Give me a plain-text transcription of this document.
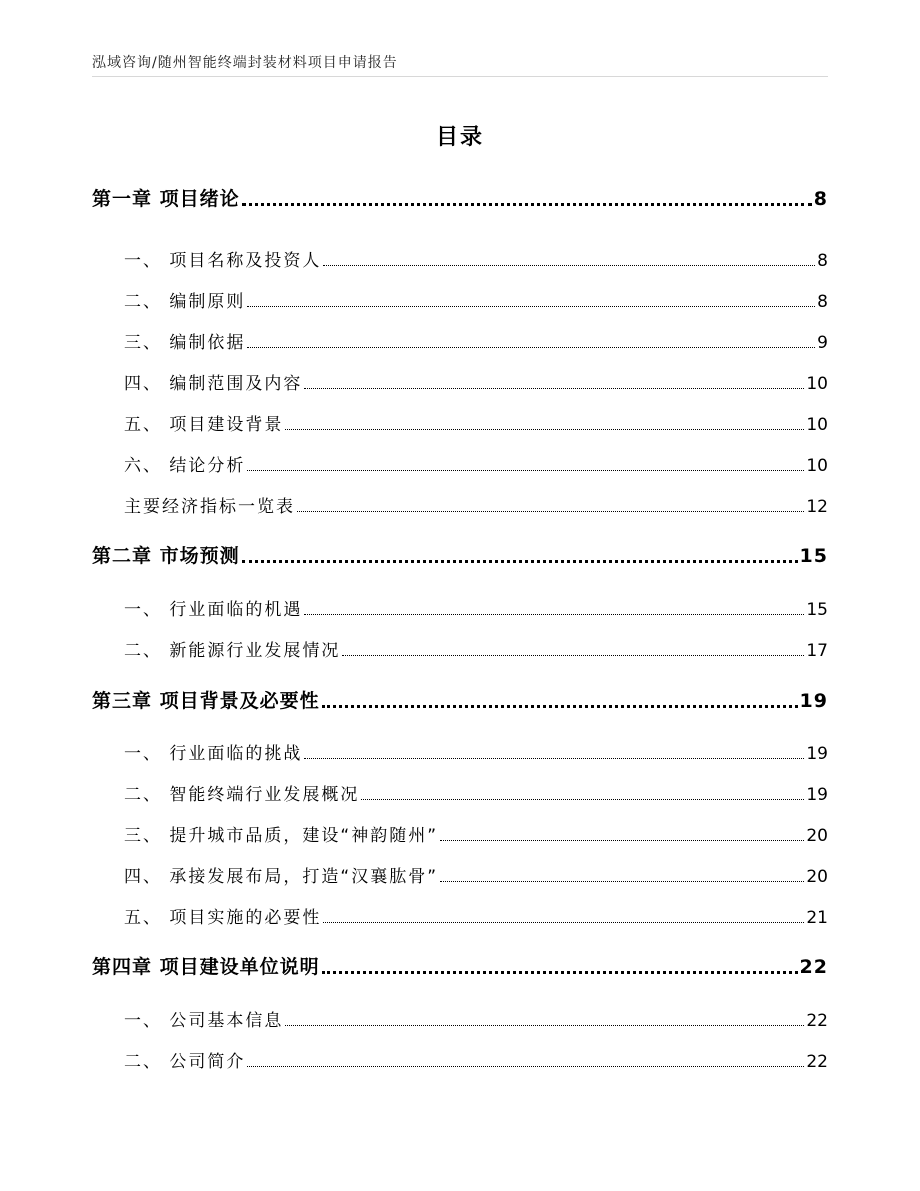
泓域咨询/随州智能终端封装材料项目申请报告
目录
第一章 项目绪论	8
一、 项目名称及投资人	8
二、 编制原则	8
三、 编制依据	9
四、 编制范围及内容	10
五、 项目建设背景	10
六、 结论分析	10
主要经济指标一览表	12
第二章 市场预测	15
一、 行业面临的机遇	15
二、 新能源行业发展情况	17
第三章 项目背景及必要性	19
一、 行业面临的挑战	19
二、 智能终端行业发展概况	19
三、 提升城市品质，建设“神韵随州”	20
四、 承接发展布局，打造“汉襄肱骨”	20
五、 项目实施的必要性	21
第四章 项目建设单位说明	22
一、 公司基本信息	22
二、 公司简介	22
